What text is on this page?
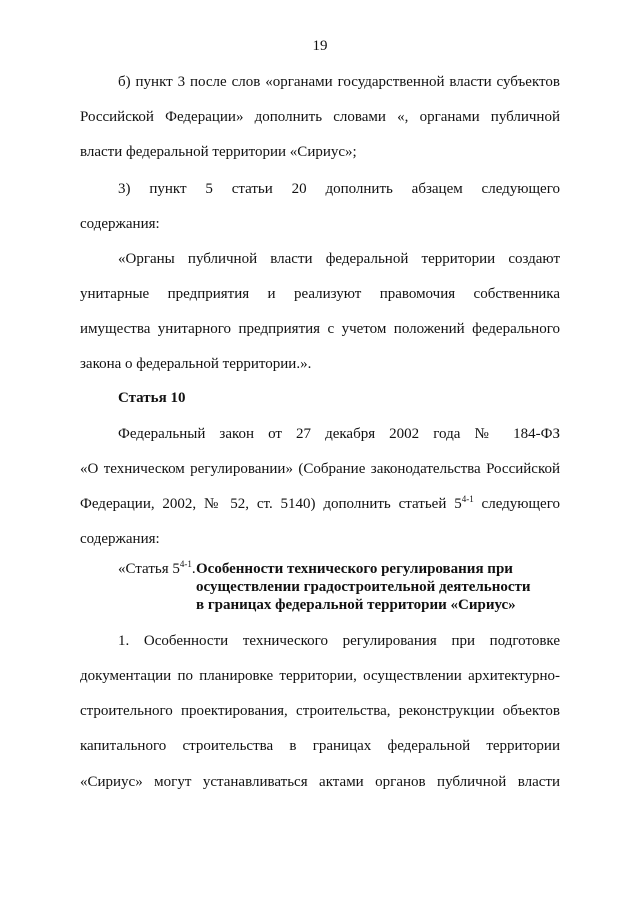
19
б) пункт 3 после слов «органами государственной власти субъектов
Российской Федерации» дополнить словами «, органами публичной
власти федеральной территории «Сириус»;
3) пункт 5 статьи 20 дополнить абзацем следующего
содержания:
«Органы публичной власти федеральной территории создают
унитарные предприятия и реализуют правомочия собственника
имущества унитарного предприятия с учетом положений федерального
закона о федеральной территории.».
Статья 10
Федеральный закон от 27 декабря 2002 года № 184-ФЗ
«О техническом регулировании» (Собрание законодательства Российской
Федерации, 2002, № 52, ст. 5140) дополнить статьей 5$^{4-1}$ следующего
содержания:
«Статья 5$^{4-1}$. Особенности технического регулирования при
осуществлении градостроительной деятельности
в границах федеральной территории «Сириус»
1. Особенности технического регулирования при подготовке
документации по планировке территории, осуществлении архитектурно-
строительного проектирования, строительства, реконструкции объектов
капитального строительства в границах федеральной территории
«Сириус» могут устанавливаться актами органов публичной власти
